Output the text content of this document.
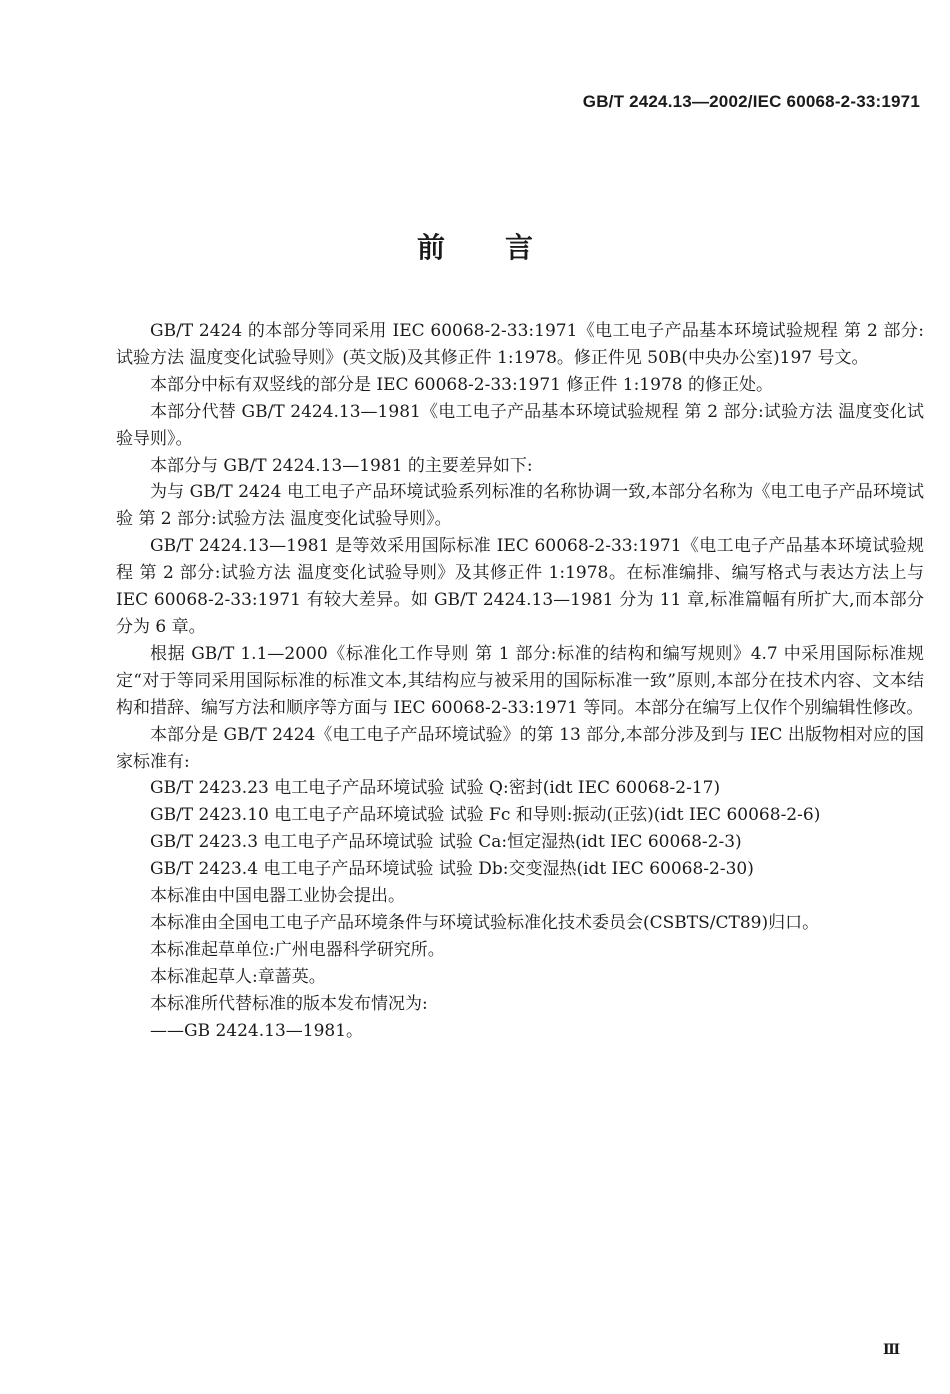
GB/T 2424.13—2002/IEC 60068-2-33:1971
前言

GB/T 2424 的本部分等同采用 IEC 60068-2-33:1971《电工电子产品基本环境试验规程 第 2 部分:试验方法 温度变化试验导则》(英文版)及其修正件 1:1978。修正件见 50B(中央办公室)197 号文。

本部分中标有双竖线的部分是 IEC 60068-2-33:1971 修正件 1:1978 的修正处。

本部分代替 GB/T 2424.13—1981《电工电子产品基本环境试验规程 第 2 部分:试验方法 温度变化试验导则》。

本部分与 GB/T 2424.13—1981 的主要差异如下:

为与 GB/T 2424 电工电子产品环境试验系列标准的名称协调一致,本部分名称为《电工电子产品环境试验 第 2 部分:试验方法 温度变化试验导则》。

GB/T 2424.13—1981 是等效采用国际标准 IEC 60068-2-33:1971《电工电子产品基本环境试验规程 第 2 部分:试验方法 温度变化试验导则》及其修正件 1:1978。在标准编排、编写格式与表达方法上与 IEC 60068-2-33:1971 有较大差异。如 GB/T 2424.13—1981 分为 11 章,标准篇幅有所扩大,而本部分分为 6 章。

根据 GB/T 1.1—2000《标准化工作导则 第 1 部分:标准的结构和编写规则》4.7 中采用国际标准规定“对于等同采用国际标准的标准文本,其结构应与被采用的国际标准一致”原则,本部分在技术内容、文本结构和措辞、编写方法和顺序等方面与 IEC 60068-2-33:1971 等同。本部分在编写上仅作个别编辑性修改。

本部分是 GB/T 2424《电工电子产品环境试验》的第 13 部分,本部分涉及到与 IEC 出版物相对应的国家标准有:

GB/T 2423.23 电工电子产品环境试验 试验 Q:密封(idt IEC 60068-2-17)

GB/T 2423.10 电工电子产品环境试验 试验 Fc 和导则:振动(正弦)(idt IEC 60068-2-6)

GB/T 2423.3 电工电子产品环境试验 试验 Ca:恒定湿热(idt IEC 60068-2-3)

GB/T 2423.4 电工电子产品环境试验 试验 Db:交变湿热(idt IEC 60068-2-30)

本标准由中国电器工业协会提出。

本标准由全国电工电子产品环境条件与环境试验标准化技术委员会(CSBTS/CT89)归口。

本标准起草单位:广州电器科学研究所。

本标准起草人:章蔷英。

本标准所代替标准的版本发布情况为:

——GB 2424.13—1981。

Ⅲ
